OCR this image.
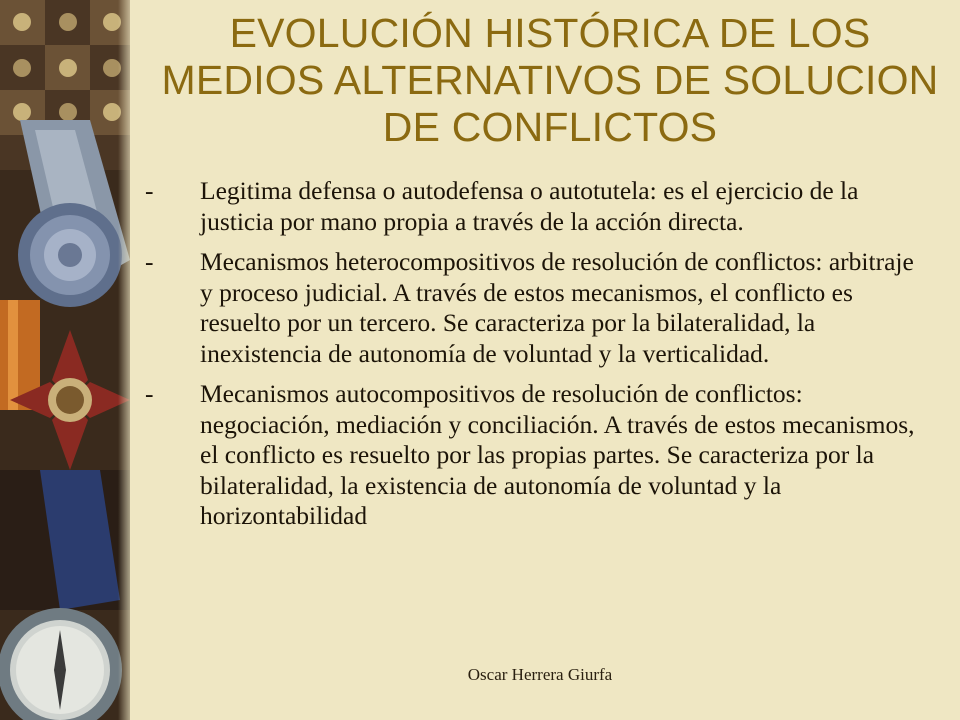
EVOLUCIÓN HISTÓRICA DE LOS MEDIOS ALTERNATIVOS DE SOLUCION DE CONFLICTOS
- Legitima defensa o autodefensa o autotutela: es el ejercicio de la justicia por mano propia a través de la acción directa.
- Mecanismos heterocompositivos de resolución de conflictos: arbitraje y proceso judicial. A través de estos mecanismos, el conflicto es resuelto por un tercero. Se caracteriza por la bilateralidad, la inexistencia de autonomía de voluntad y la verticalidad.
- Mecanismos autocompositivos de resolución de conflictos: negociación, mediación y conciliación. A través de estos mecanismos, el conflicto es resuelto por las propias partes. Se caracteriza por la bilateralidad, la existencia de autonomía de voluntad y la horizontabilidad
Oscar Herrera Giurfa
